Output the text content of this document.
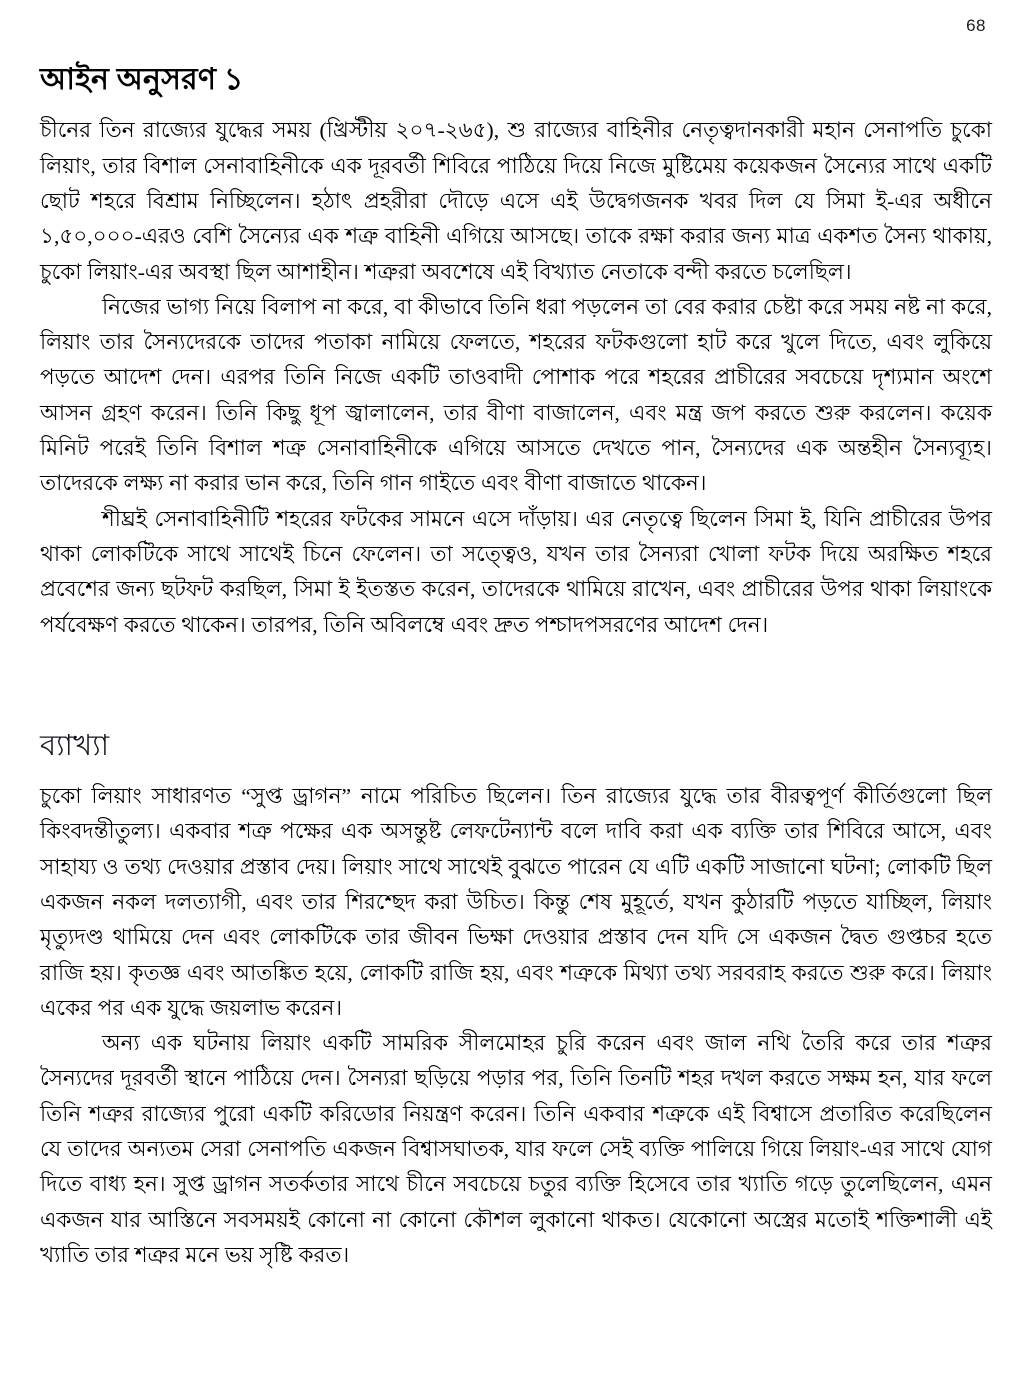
68
আইন অনুসরণ ১

চীনের তিন রাজ্যের যুদ্ধের সময় (খ্রিস্টীয় ২০৭-২৬৫), শু রাজ্যের বাহিনীর নেতৃত্বদানকারী মহান সেনাপতি চুকো লিয়াং, তার বিশাল সেনাবাহিনীকে এক দূরবর্তী শিবিরে পাঠিয়ে দিয়ে নিজে মুষ্টিমেয় কয়েকজন সৈন্যের সাথে একটি ছোট শহরে বিশ্রাম নিচ্ছিলেন। হঠাৎ প্রহরীরা দৌড়ে এসে এই উদ্বেগজনক খবর দিল যে সিমা ই-এর অধীনে ১,৫০,০০০-এরও বেশি সৈন্যের এক শত্রু বাহিনী এগিয়ে আসছে। তাকে রক্ষা করার জন্য মাত্র একশত সৈন্য থাকায়, চুকো লিয়াং-এর অবস্থা ছিল আশাহীন। শত্রুরা অবশেষে এই বিখ্যাত নেতাকে বন্দী করতে চলেছিল।

নিজের ভাগ্য নিয়ে বিলাপ না করে, বা কীভাবে তিনি ধরা পড়লেন তা বের করার চেষ্টা করে সময় নষ্ট না করে, লিয়াং তার সৈন্যদেরকে তাদের পতাকা নামিয়ে ফেলতে, শহরের ফটকগুলো হাট করে খুলে দিতে, এবং লুকিয়ে পড়তে আদেশ দেন। এরপর তিনি নিজে একটি তাওবাদী পোশাক পরে শহরের প্রাচীরের সবচেয়ে দৃশ্যমান অংশে আসন গ্রহণ করেন। তিনি কিছু ধূপ জ্বালালেন, তার বীণা বাজালেন, এবং মন্ত্র জপ করতে শুরু করলেন। কয়েক মিনিট পরেই তিনি বিশাল শত্রু সেনাবাহিনীকে এগিয়ে আসতে দেখতে পান, সৈন্যদের এক অন্তহীন সৈন্যব্যূহ। তাদেরকে লক্ষ্য না করার ভান করে, তিনি গান গাইতে এবং বীণা বাজাতে থাকেন।

শীঘ্রই সেনাবাহিনীটি শহরের ফটকের সামনে এসে দাঁড়ায়। এর নেতৃত্বে ছিলেন সিমা ই, যিনি প্রাচীরের উপর থাকা লোকটিকে সাথে সাথেই চিনে ফেলেন। তা সত্ত্বেও, যখন তার সৈন্যরা খোলা ফটক দিয়ে অরক্ষিত শহরে প্রবেশের জন্য ছটফট করছিল, সিমা ই ইতস্তত করেন, তাদেরকে থামিয়ে রাখেন, এবং প্রাচীরের উপর থাকা লিয়াংকে পর্যবেক্ষণ করতে থাকেন। তারপর, তিনি অবিলম্বে এবং দ্রুত পশ্চাদপসরণের আদেশ দেন।

ব্যাখ্যা

চুকো লিয়াং সাধারণত “সুপ্ত ড্রাগন” নামে পরিচিত ছিলেন। তিন রাজ্যের যুদ্ধে তার বীরত্বপূর্ণ কীর্তিগুলো ছিল কিংবদন্তীতুল্য। একবার শত্রু পক্ষের এক অসন্তুষ্ট লেফটেন্যান্ট বলে দাবি করা এক ব্যক্তি তার শিবিরে আসে, এবং সাহায্য ও তথ্য দেওয়ার প্রস্তাব দেয়। লিয়াং সাথে সাথেই বুঝতে পারেন যে এটি একটি সাজানো ঘটনা; লোকটি ছিল একজন নকল দলত্যাগী, এবং তার শিরশ্ছেদ করা উচিত। কিন্তু শেষ মুহূর্তে, যখন কুঠারটি পড়তে যাচ্ছিল, লিয়াং মৃত্যুদণ্ড থামিয়ে দেন এবং লোকটিকে তার জীবন ভিক্ষা দেওয়ার প্রস্তাব দেন যদি সে একজন দ্বৈত গুপ্তচর হতে রাজি হয়। কৃতজ্ঞ এবং আতঙ্কিত হয়ে, লোকটি রাজি হয়, এবং শত্রুকে মিথ্যা তথ্য সরবরাহ করতে শুরু করে। লিয়াং একের পর এক যুদ্ধে জয়লাভ করেন।

অন্য এক ঘটনায় লিয়াং একটি সামরিক সীলমোহর চুরি করেন এবং জাল নথি তৈরি করে তার শত্রুর সৈন্যদের দূরবর্তী স্থানে পাঠিয়ে দেন। সৈন্যরা ছড়িয়ে পড়ার পর, তিনি তিনটি শহর দখল করতে সক্ষম হন, যার ফলে তিনি শত্রুর রাজ্যের পুরো একটি করিডোর নিয়ন্ত্রণ করেন। তিনি একবার শত্রুকে এই বিশ্বাসে প্রতারিত করেছিলেন যে তাদের অন্যতম সেরা সেনাপতি একজন বিশ্বাসঘাতক, যার ফলে সেই ব্যক্তি পালিয়ে গিয়ে লিয়াং-এর সাথে যোগ দিতে বাধ্য হন। সুপ্ত ড্রাগন সতর্কতার সাথে চীনে সবচেয়ে চতুর ব্যক্তি হিসেবে তার খ্যাতি গড়ে তুলেছিলেন, এমন একজন যার আস্তিনে সবসময়ই কোনো না কোনো কৌশল লুকানো থাকত। যেকোনো অস্ত্রের মতোই শক্তিশালী এই খ্যাতি তার শত্রুর মনে ভয় সৃষ্টি করত।
